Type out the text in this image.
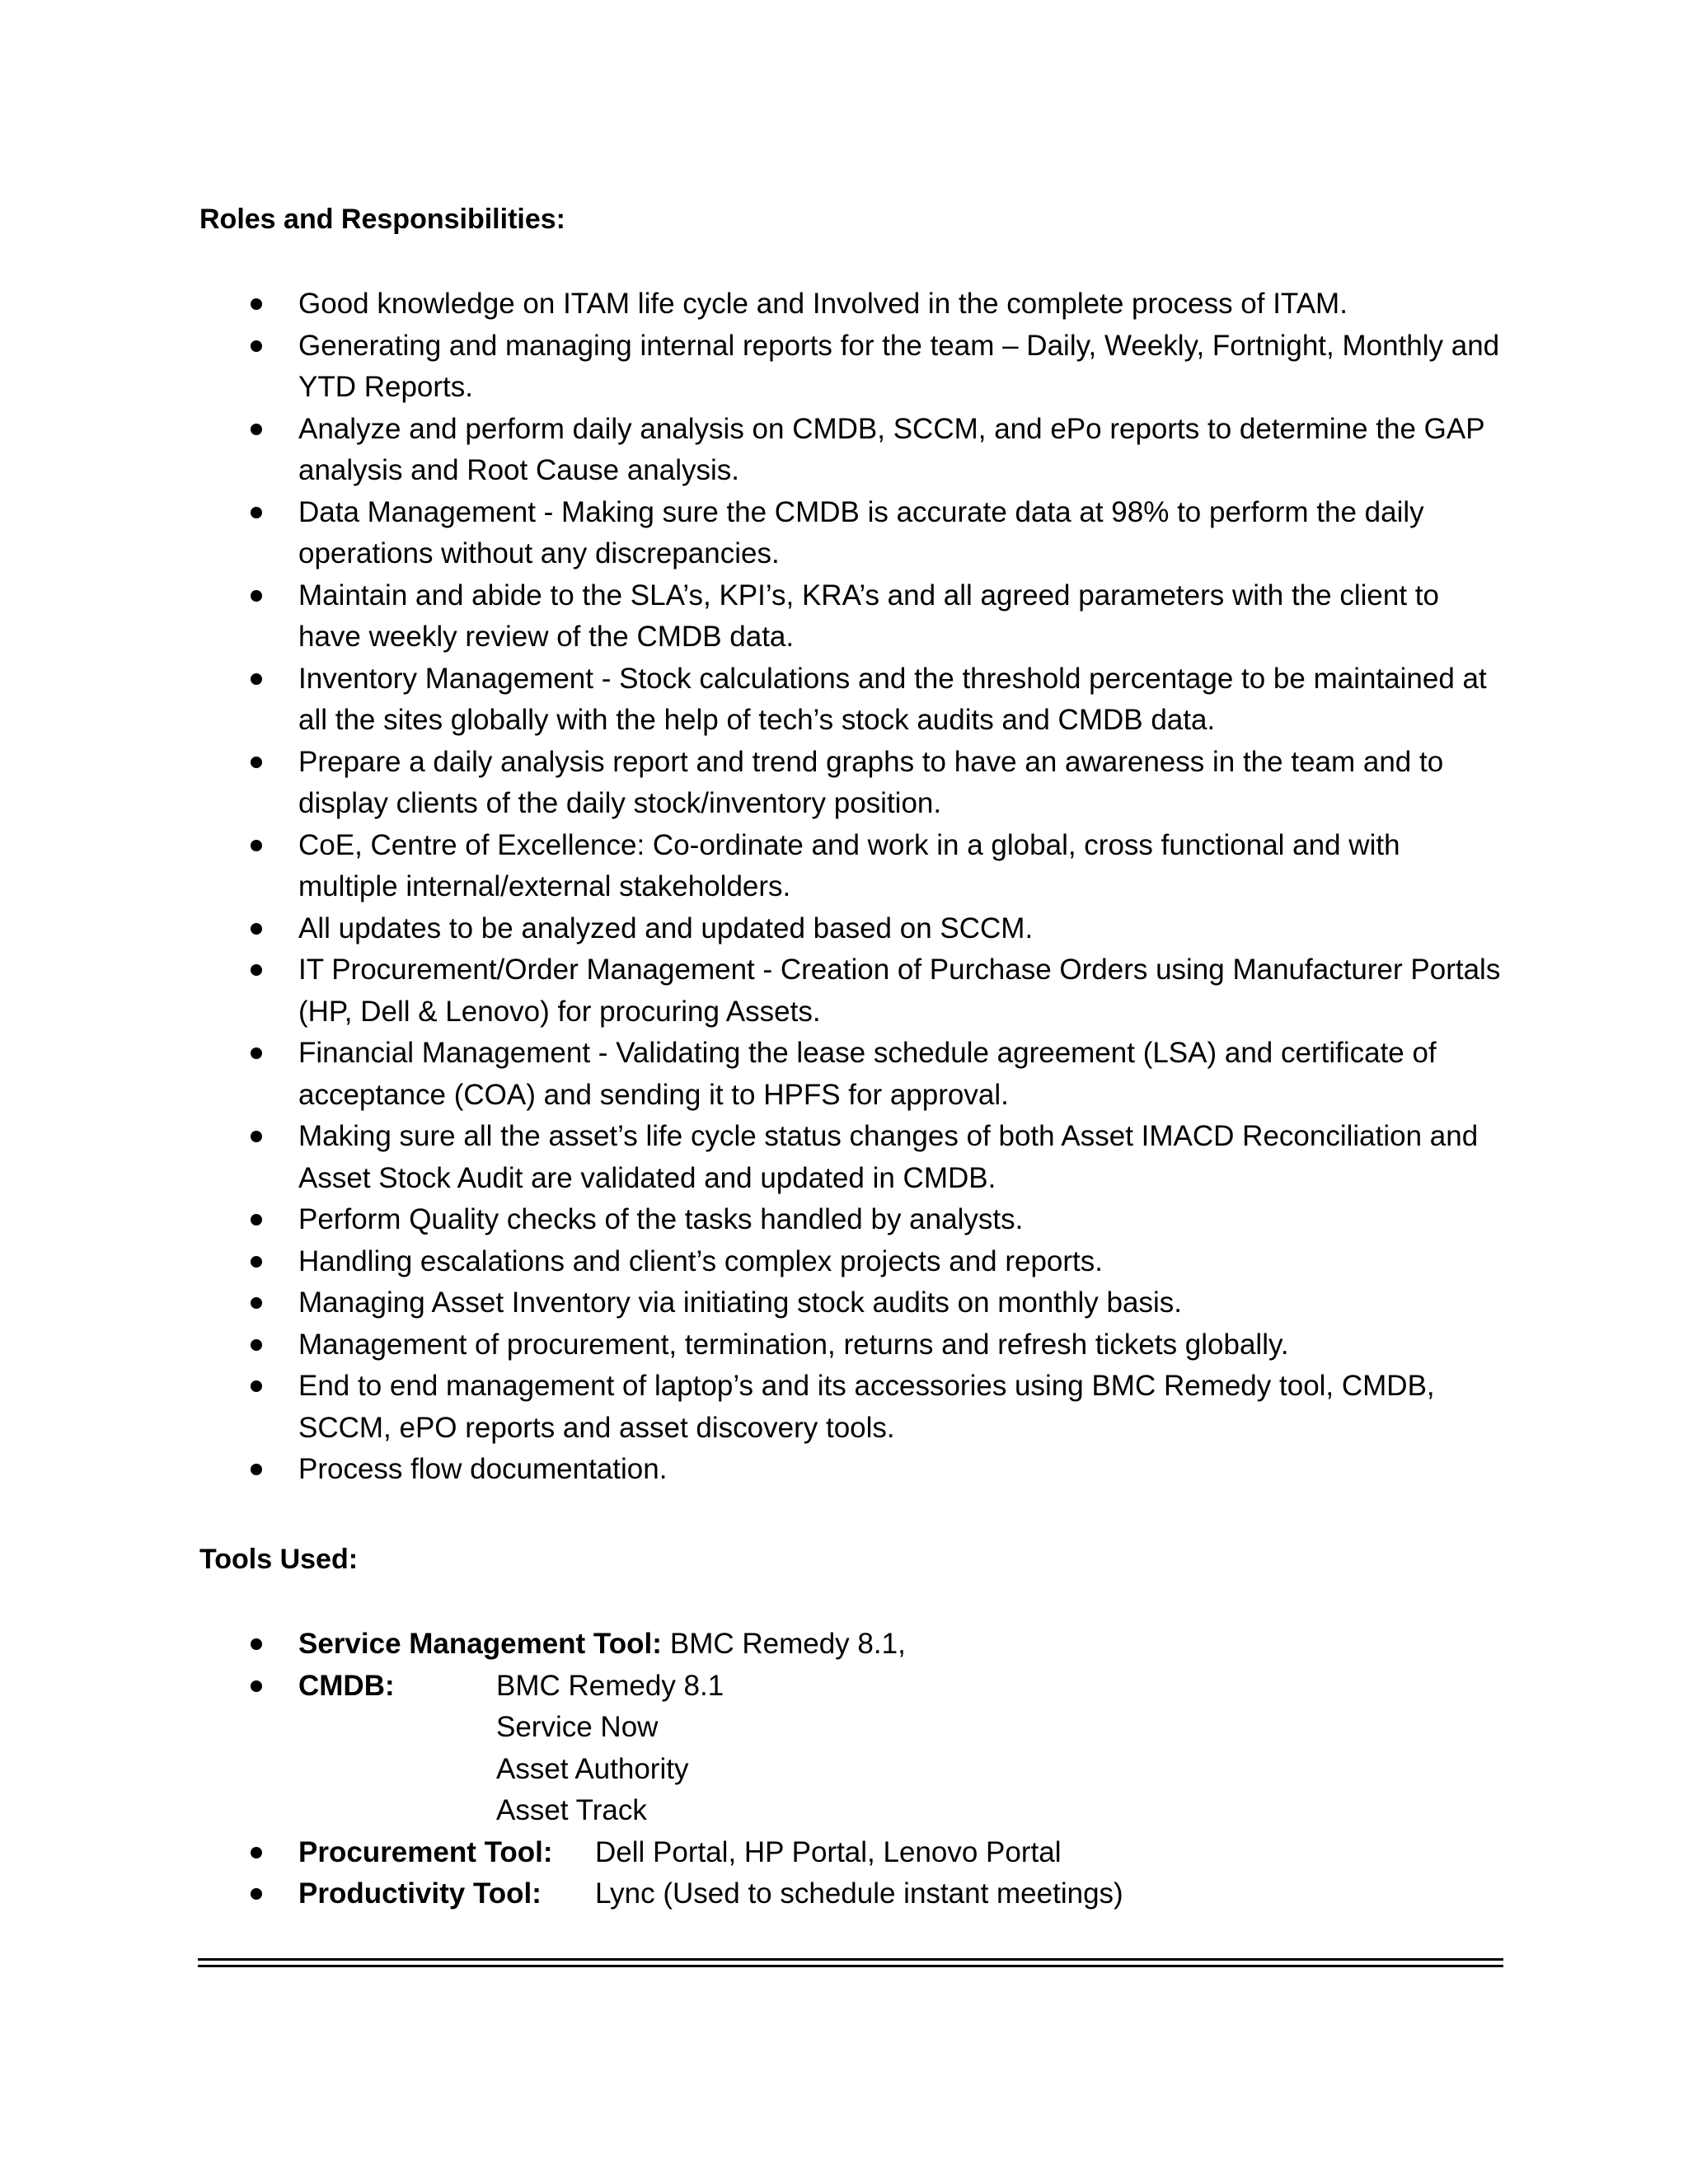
Roles and Responsibilities:
Good knowledge on ITAM life cycle and Involved in the complete process of ITAM.
Generating and managing internal reports for the team – Daily, Weekly, Fortnight, Monthly and YTD Reports.
Analyze and perform daily analysis on CMDB, SCCM, and ePo reports to determine the GAP analysis and Root Cause analysis.
Data Management - Making sure the CMDB is accurate data at 98% to perform the daily operations without any discrepancies.
Maintain and abide to the SLA’s, KPI’s, KRA’s and all agreed parameters with the client to have weekly review of the CMDB data.
Inventory Management - Stock calculations and the threshold percentage to be maintained at all the sites globally with the help of tech’s stock audits and CMDB data.
Prepare a daily analysis report and trend graphs to have an awareness in the team and to display clients of the daily stock/inventory position.
CoE, Centre of Excellence: Co-ordinate and work in a global, cross functional and with multiple internal/external stakeholders.
All updates to be analyzed and updated based on SCCM.
IT Procurement/Order Management - Creation of Purchase Orders using Manufacturer Portals (HP, Dell & Lenovo) for procuring Assets.
Financial Management - Validating the lease schedule agreement (LSA) and certificate of acceptance (COA) and sending it to HPFS for approval.
Making sure all the asset’s life cycle status changes of both Asset IMACD Reconciliation and Asset Stock Audit are validated and updated in CMDB.
Perform Quality checks of the tasks handled by analysts.
Handling escalations and client’s complex projects and reports.
Managing Asset Inventory via initiating stock audits on monthly basis.
Management of procurement, termination, returns and refresh tickets globally.
End to end management of laptop’s and its accessories using BMC Remedy tool, CMDB, SCCM, ePO reports and asset discovery tools.
Process flow documentation.
Tools Used:
Service Management Tool: BMC Remedy 8.1,
CMDB:	BMC Remedy 8.1
Service Now
Asset Authority
Asset Track
Procurement Tool:	Dell Portal, HP Portal, Lenovo Portal
Productivity Tool:	Lync (Used to schedule instant meetings)
